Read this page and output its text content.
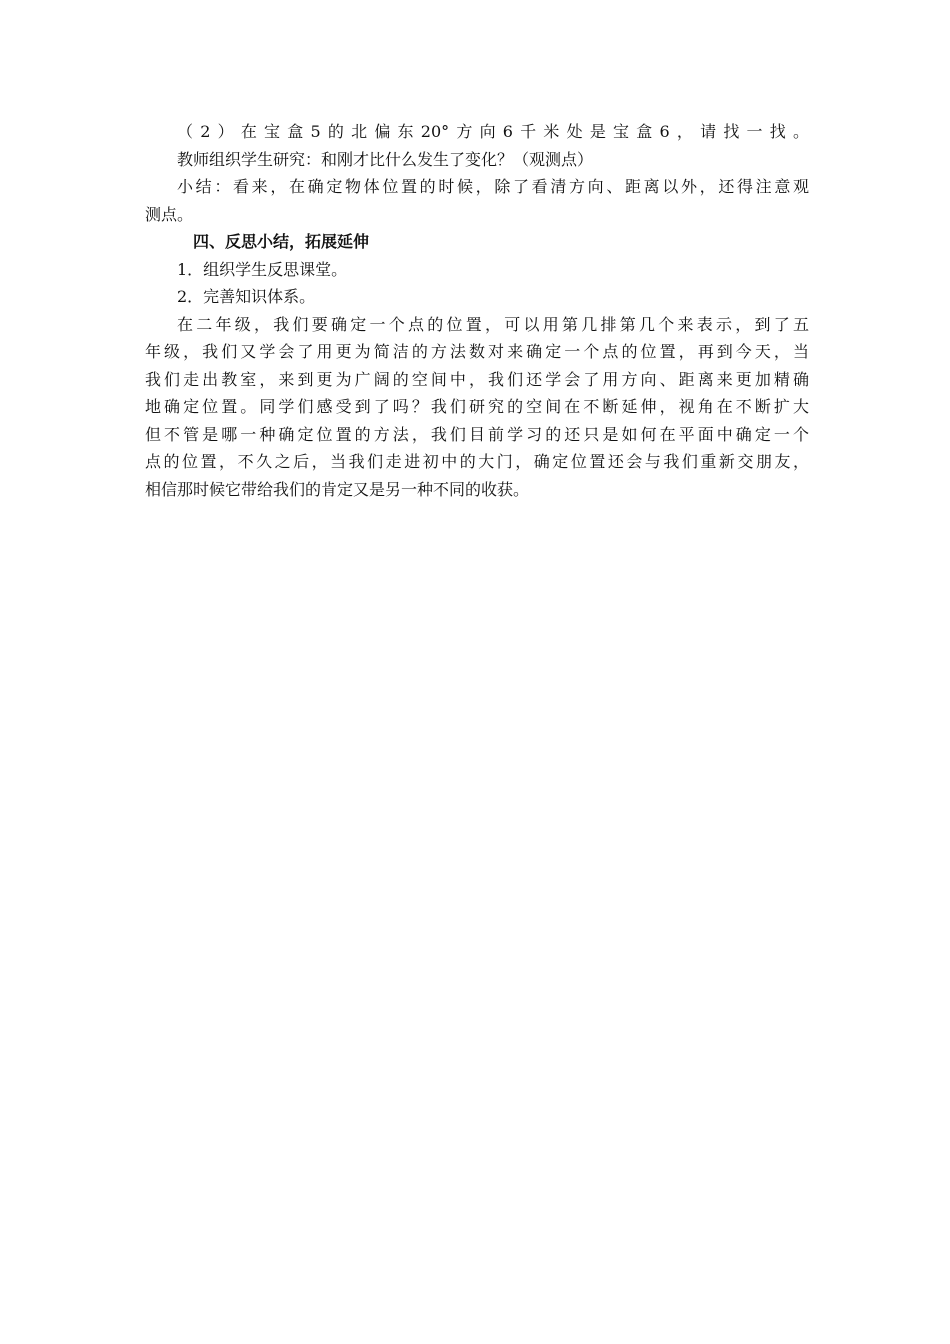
（2）在宝盒5的北偏东20°方向6千米处是宝盒6，请找一找。
教师组织学生研究：和刚才比什么发生了变化？（观测点）
小结：看来，在确定物体位置的时候，除了看清方向、距离以外，还得注意观
测点。
四、反思小结，拓展延伸
1．组织学生反思课堂。
2．完善知识体系。
在二年级，我们要确定一个点的位置，可以用第几排第几个来表示，到了五
年级，我们又学会了用更为简洁的方法数对来确定一个点的位置，再到今天，当
我们走出教室，来到更为广阔的空间中，我们还学会了用方向、距离来更加精确
地确定位置。同学们感受到了吗？我们研究的空间在不断延伸，视角在不断扩大
但不管是哪一种确定位置的方法，我们目前学习的还只是如何在平面中确定一个
点的位置，不久之后，当我们走进初中的大门，确定位置还会与我们重新交朋友，
相信那时候它带给我们的肯定又是另一种不同的收获。
